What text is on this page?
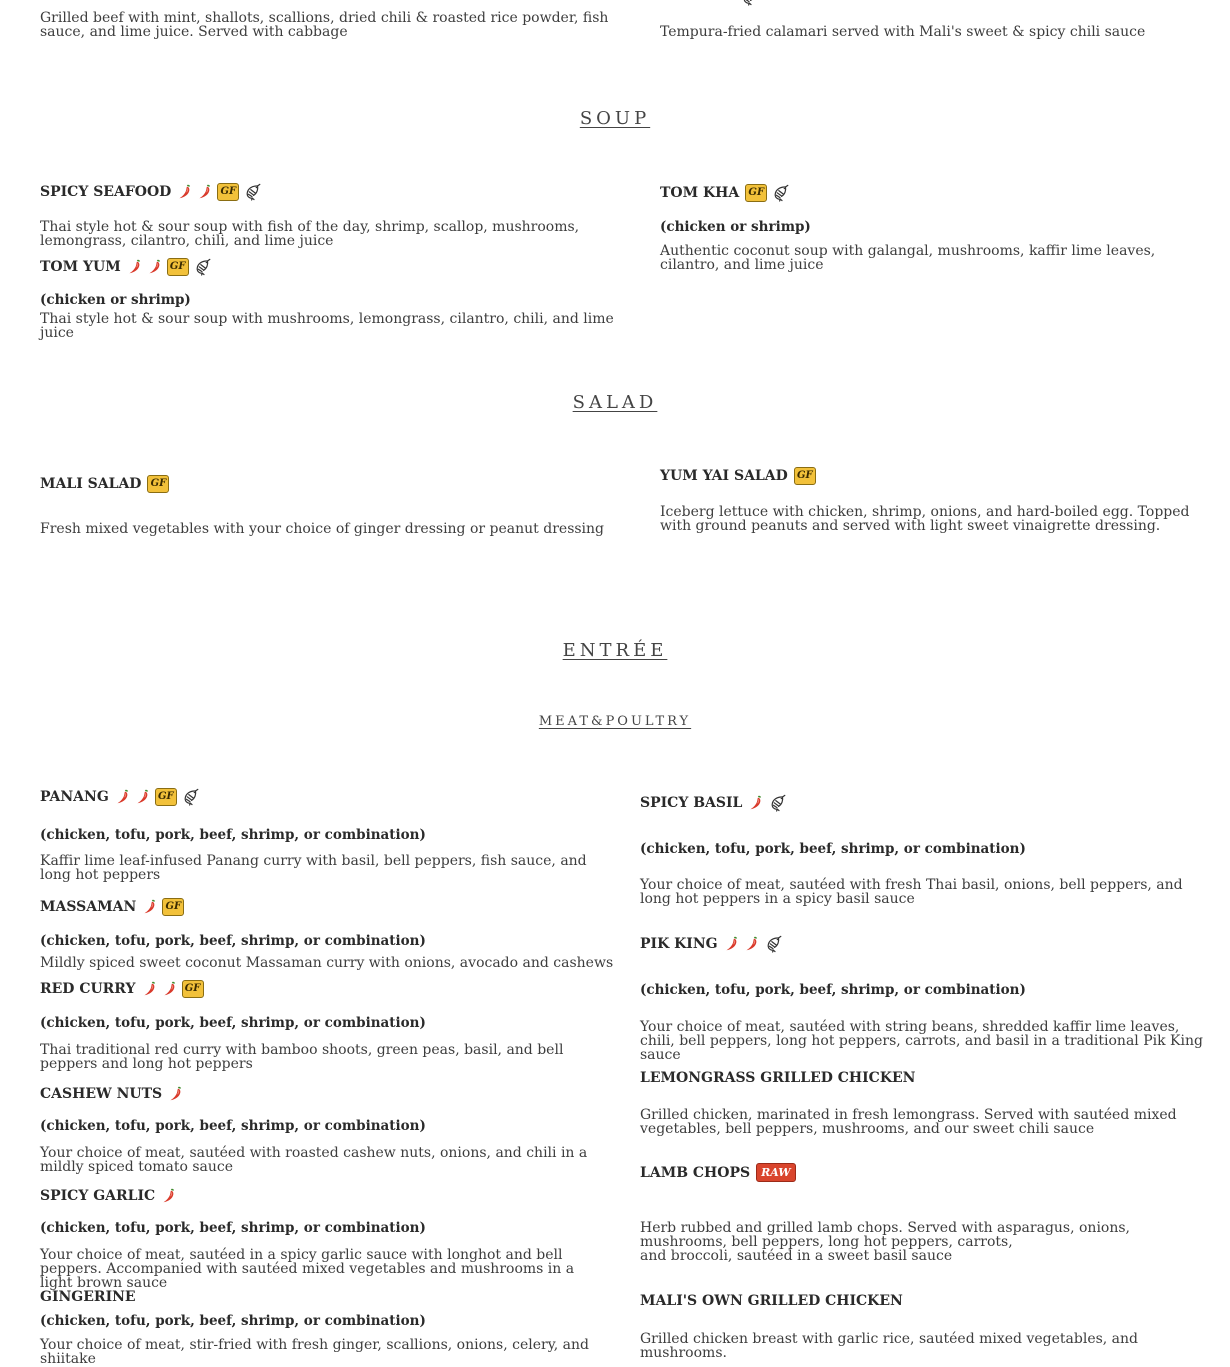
Grilled beef with mint, shallots, scallions, dried chili & roasted rice powder, fish sauce, and lime juice. Served with cabbage	Tempura-fried calamari served with Mali's sweet & spicy chili sauce
SOUP
SPICY SEAFOOD	GF
Thai style hot & sour soup with fish of the day, shrimp, scallop, mushrooms, lemongrass, cilantro, chili, and lime juice
TOM YUM	GF
(chicken or shrimp)
Thai style hot & sour soup with mushrooms, lemongrass, cilantro, chili, and lime juice
TOM KHA GF
(chicken or shrimp)
Authentic coconut soup with galangal, mushrooms, kaffir lime leaves, cilantro, and lime juice
SALAD
MALI SALAD GF
Fresh mixed vegetables with your choice of ginger dressing or peanut dressing
YUM YAI SALAD GF
Iceberg lettuce with chicken, shrimp, onions, and hard-boiled egg. Topped with ground peanuts and served with light sweet vinaigrette dressing.
ENTRÉE
MEAT&POULTRY
PANANG	GF
(chicken, tofu, pork, beef, shrimp, or combination)
Kaffir lime leaf-infused Panang curry with basil, bell peppers, fish sauce, and long hot peppers
MASSAMAN	GF
(chicken, tofu, pork, beef, shrimp, or combination)
Mildly spiced sweet coconut Massaman curry with onions, avocado and cashews
RED CURRY	GF
(chicken, tofu, pork, beef, shrimp, or combination)
Thai traditional red curry with bamboo shoots, green peas, basil, and bell peppers and long hot peppers
CASHEW NUTS
(chicken, tofu, pork, beef, shrimp, or combination)
Your choice of meat, sautéed with roasted cashew nuts, onions, and chili in a mildly spiced tomato sauce
SPICY GARLIC
(chicken, tofu, pork, beef, shrimp, or combination)
Your choice of meat, sautéed in a spicy garlic sauce with longhot and bell peppers. Accompanied with sautéed mixed vegetables and mushrooms in a light brown sauce
GINGERINE
(chicken, tofu, pork, beef, shrimp, or combination)
Your choice of meat, stir-fried with fresh ginger, scallions, onions, celery, and shiitake
SPICY BASIL
(chicken, tofu, pork, beef, shrimp, or combination)
Your choice of meat, sautéed with fresh Thai basil, onions, bell peppers, and long hot peppers in a spicy basil sauce
PIK KING
(chicken, tofu, pork, beef, shrimp, or combination)
Your choice of meat, sautéed with string beans, shredded kaffir lime leaves, chili, bell peppers, long hot peppers, carrots, and basil in a traditional Pik King sauce
LEMONGRASS GRILLED CHICKEN
Grilled chicken, marinated in fresh lemongrass. Served with sautéed mixed vegetables, bell peppers, mushrooms, and our sweet chili sauce
LAMB CHOPS	RAW
Herb rubbed and grilled lamb chops. Served with asparagus, onions, mushrooms, bell peppers, long hot peppers, carrots,
and broccoli, sautéed in a sweet basil sauce
MALI'S OWN GRILLED CHICKEN
Grilled chicken breast with garlic rice, sautéed mixed vegetables, and mushrooms.
